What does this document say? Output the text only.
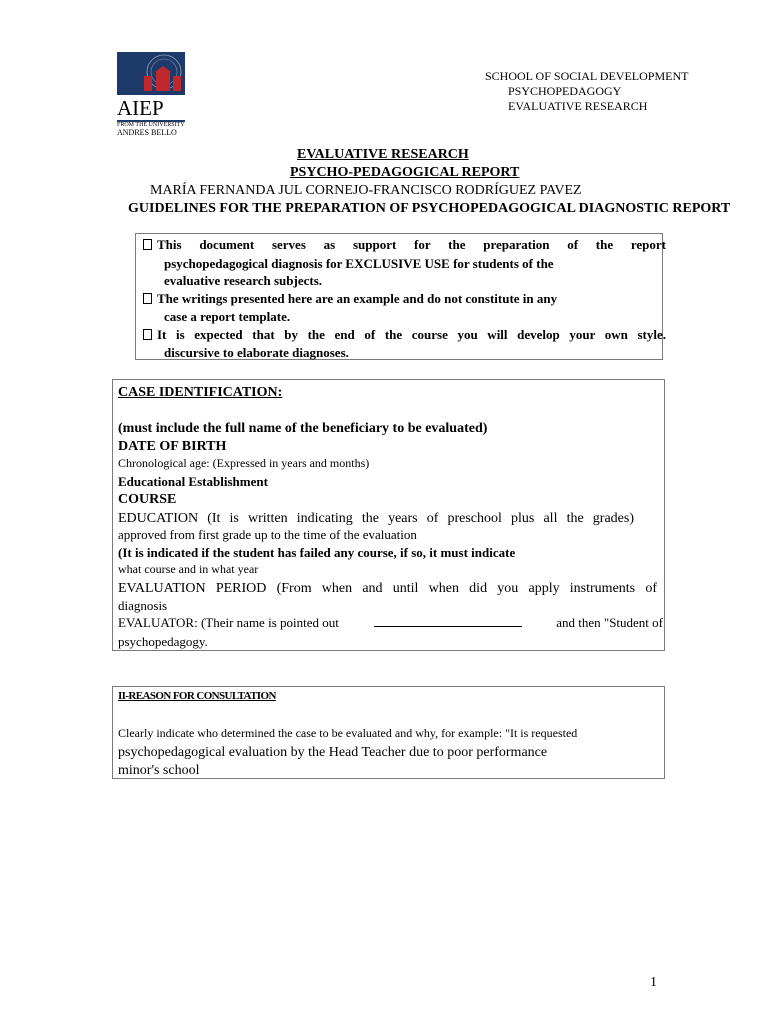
AIEP
FROM THE UNIVERSITY
ANDRES BELLO
SCHOOL OF SOCIAL DEVELOPMENT
PSYCHOPEDAGOGY
EVALUATIVE RESEARCH
EVALUATIVE RESEARCH
PSYCHO-PEDAGOGICAL REPORT
MARÍA FERNANDA JUL CORNEJO-FRANCISCO RODRÍGUEZ PAVEZ
GUIDELINES FOR THE PREPARATION OF PSYCHOPEDAGOGICAL DIAGNOSTIC REPORT
This document serves as support for the preparation of the report
psychopedagogical diagnosis for EXCLUSIVE USE for students of the
evaluative research subjects.
The writings presented here are an example and do not constitute in any
case a report template.
It is expected that by the end of the course you will develop your own style.
discursive to elaborate diagnoses.
CASE IDENTIFICATION:
(must include the full name of the beneficiary to be evaluated)
DATE OF BIRTH
Chronological age: (Expressed in years and months)
Educational Establishment
COURSE
EDUCATION (It is written indicating the years of preschool plus all the grades)
approved from first grade up to the time of the evaluation
(It is indicated if the student has failed any course, if so, it must indicate
what course and in what year
EVALUATION PERIOD (From when and until when did you apply instruments of
diagnosis
EVALUATOR: (Their name is pointed out	and then "Student of
psychopedagogy.
II-REASON FOR CONSULTATION
Clearly indicate who determined the case to be evaluated and why, for example: "It is requested
psychopedagogical evaluation by the Head Teacher due to poor performance
minor's school
1
